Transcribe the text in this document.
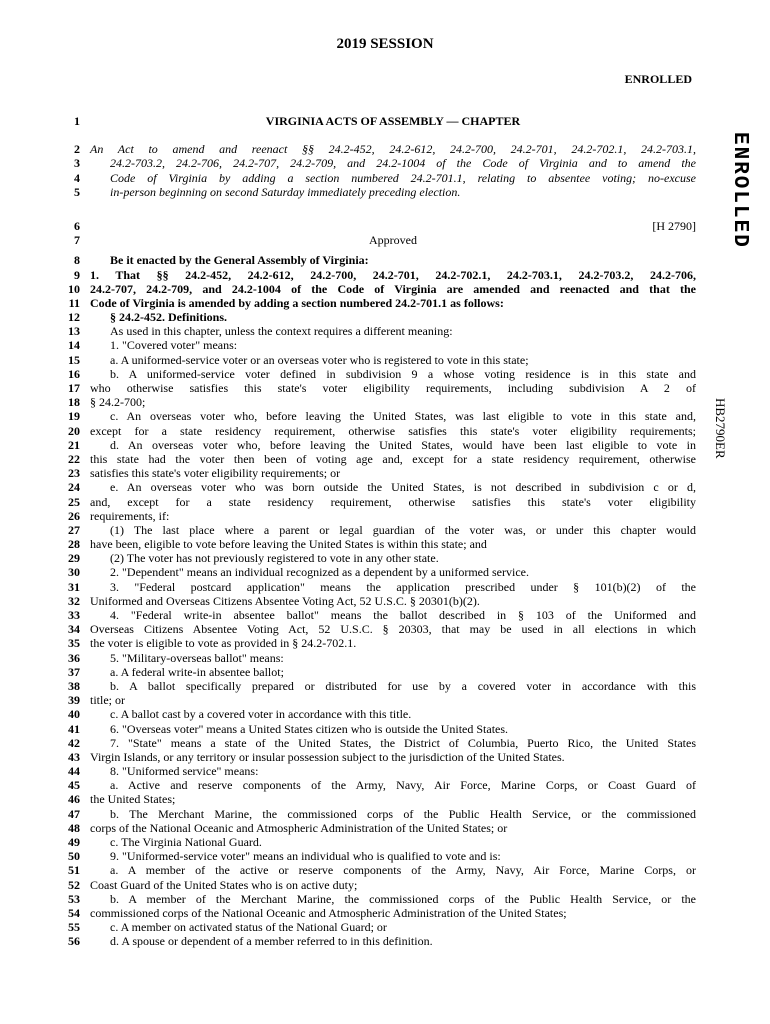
2019 SESSION
ENROLLED
ENROLLED
HB2790ER
1	VIRGINIA ACTS OF ASSEMBLY — CHAPTER
2 An Act to amend and reenact §§ 24.2-452, 24.2-612, 24.2-700, 24.2-701, 24.2-702.1, 24.2-703.1,
3	24.2-703.2, 24.2-706, 24.2-707, 24.2-709, and 24.2-1004 of the Code of Virginia and to amend the
4	Code of Virginia by adding a section numbered 24.2-701.1, relating to absentee voting; no-excuse
5	in-person beginning on second Saturday immediately preceding election.
6	[H 2790]
7	Approved
8	Be it enacted by the General Assembly of Virginia:
9 1. That §§ 24.2-452, 24.2-612, 24.2-700, 24.2-701, 24.2-702.1, 24.2-703.1, 24.2-703.2, 24.2-706,
10 24.2-707, 24.2-709, and 24.2-1004 of the Code of Virginia are amended and reenacted and that the
11 Code of Virginia is amended by adding a section numbered 24.2-701.1 as follows:
12	§ 24.2-452. Definitions.
13	As used in this chapter, unless the context requires a different meaning:
14	1. "Covered voter" means:
15	a. A uniformed-service voter or an overseas voter who is registered to vote in this state;
16	b. A uniformed-service voter defined in subdivision 9 a whose voting residence is in this state and
17 who otherwise satisfies this state's voter eligibility requirements, including subdivision A 2 of
18 § 24.2-700;
19	c. An overseas voter who, before leaving the United States, was last eligible to vote in this state and,
20 except for a state residency requirement, otherwise satisfies this state's voter eligibility requirements;
21	d. An overseas voter who, before leaving the United States, would have been last eligible to vote in
22 this state had the voter then been of voting age and, except for a state residency requirement, otherwise
23 satisfies this state's voter eligibility requirements; or
24	e. An overseas voter who was born outside the United States, is not described in subdivision c or d,
25 and, except for a state residency requirement, otherwise satisfies this state's voter eligibility
26 requirements, if:
27	(1) The last place where a parent or legal guardian of the voter was, or under this chapter would
28 have been, eligible to vote before leaving the United States is within this state; and
29	(2) The voter has not previously registered to vote in any other state.
30	2. "Dependent" means an individual recognized as a dependent by a uniformed service.
31	3. "Federal postcard application" means the application prescribed under § 101(b)(2) of the
32 Uniformed and Overseas Citizens Absentee Voting Act, 52 U.S.C. § 20301(b)(2).
33	4. "Federal write-in absentee ballot" means the ballot described in § 103 of the Uniformed and
34 Overseas Citizens Absentee Voting Act, 52 U.S.C. § 20303, that may be used in all elections in which
35 the voter is eligible to vote as provided in § 24.2-702.1.
36	5. "Military-overseas ballot" means:
37	a. A federal write-in absentee ballot;
38	b. A ballot specifically prepared or distributed for use by a covered voter in accordance with this
39 title; or
40	c. A ballot cast by a covered voter in accordance with this title.
41	6. "Overseas voter" means a United States citizen who is outside the United States.
42	7. "State" means a state of the United States, the District of Columbia, Puerto Rico, the United States
43 Virgin Islands, or any territory or insular possession subject to the jurisdiction of the United States.
44	8. "Uniformed service" means:
45	a. Active and reserve components of the Army, Navy, Air Force, Marine Corps, or Coast Guard of
46 the United States;
47	b. The Merchant Marine, the commissioned corps of the Public Health Service, or the commissioned
48 corps of the National Oceanic and Atmospheric Administration of the United States; or
49	c. The Virginia National Guard.
50	9. "Uniformed-service voter" means an individual who is qualified to vote and is:
51	a. A member of the active or reserve components of the Army, Navy, Air Force, Marine Corps, or
52 Coast Guard of the United States who is on active duty;
53	b. A member of the Merchant Marine, the commissioned corps of the Public Health Service, or the
54 commissioned corps of the National Oceanic and Atmospheric Administration of the United States;
55	c. A member on activated status of the National Guard; or
56	d. A spouse or dependent of a member referred to in this definition.
